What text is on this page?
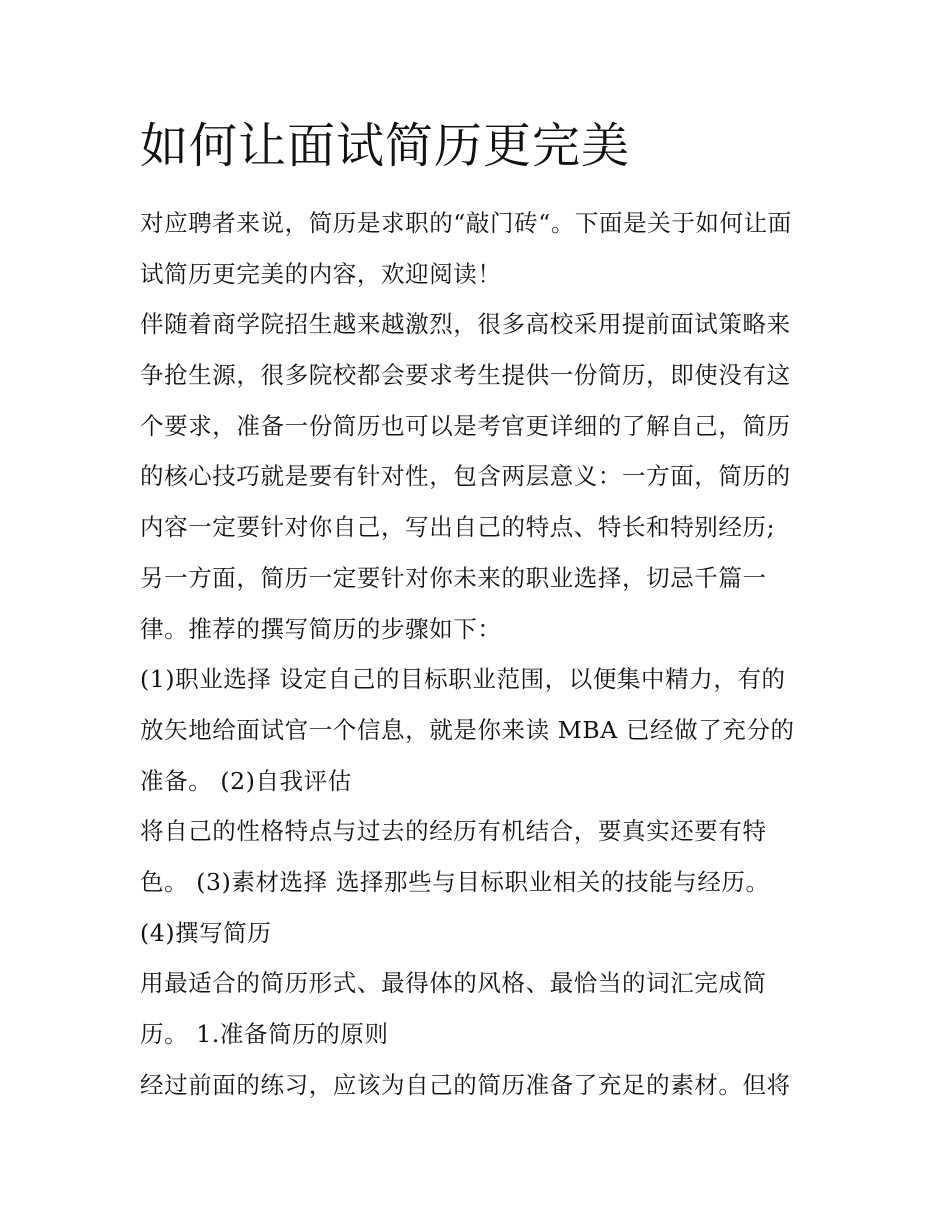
如何让面试简历更完美
对应聘者来说，简历是求职的“敲门砖“。下面是关于如何让面
试简历更完美的内容，欢迎阅读！
伴随着商学院招生越来越激烈，很多高校采用提前面试策略来
争抢生源，很多院校都会要求考生提供一份简历，即使没有这
个要求，准备一份简历也可以是考官更详细的了解自己，简历
的核心技巧就是要有针对性，包含两层意义：一方面，简历的
内容一定要针对你自己，写出自己的特点、特长和特别经历;
另一方面，简历一定要针对你未来的职业选择，切忌千篇一
律。推荐的撰写简历的步骤如下：
(1)职业选择 设定自己的目标职业范围，以便集中精力，有的
放矢地给面试官一个信息，就是你来读 MBA 已经做了充分的
准备。 (2)自我评估
将自己的性格特点与过去的经历有机结合，要真实还要有特
色。 (3)素材选择 选择那些与目标职业相关的技能与经历。
(4)撰写简历
用最适合的简历形式、最得体的风格、最恰当的词汇完成简
历。 1.准备简历的原则
经过前面的练习，应该为自己的简历准备了充足的素材。但将
